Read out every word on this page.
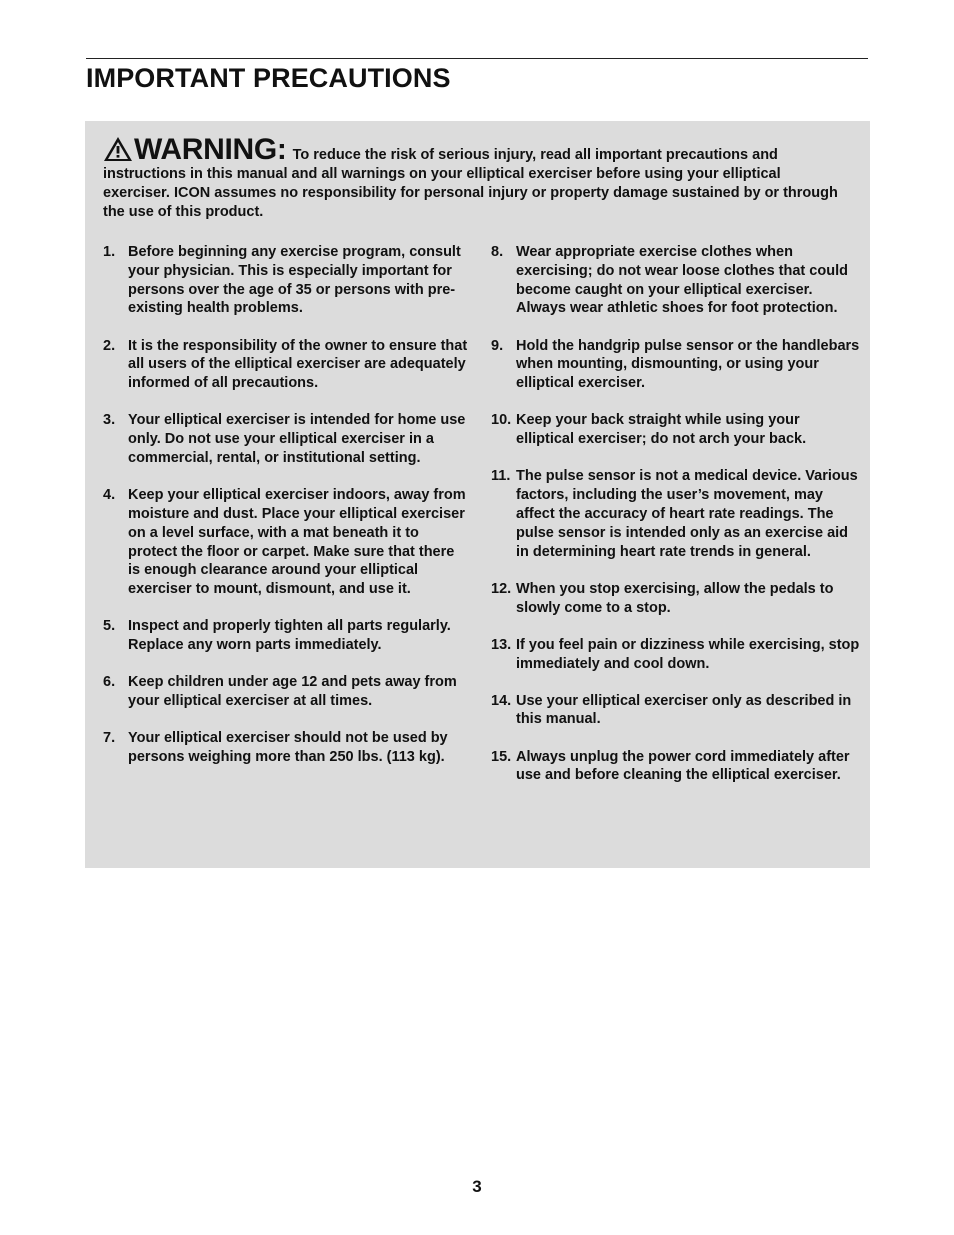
IMPORTANT PRECAUTIONS
WARNING: To reduce the risk of serious injury, read all important precautions and instructions in this manual and all warnings on your elliptical exerciser before using your elliptical exerciser. ICON assumes no responsibility for personal injury or property damage sustained by or through the use of this product.
1. Before beginning any exercise program, consult your physician. This is especially important for persons over the age of 35 or persons with pre-existing health problems.
2. It is the responsibility of the owner to ensure that all users of the elliptical exerciser are adequately informed of all precautions.
3. Your elliptical exerciser is intended for home use only. Do not use your elliptical exerciser in a commercial, rental, or institutional setting.
4. Keep your elliptical exerciser indoors, away from moisture and dust. Place your elliptical exerciser on a level surface, with a mat beneath it to protect the floor or carpet. Make sure that there is enough clearance around your elliptical exerciser to mount, dismount, and use it.
5. Inspect and properly tighten all parts regularly. Replace any worn parts immediately.
6. Keep children under age 12 and pets away from your elliptical exerciser at all times.
7. Your elliptical exerciser should not be used by persons weighing more than 250 lbs. (113 kg).
8. Wear appropriate exercise clothes when exercising; do not wear loose clothes that could become caught on your elliptical exerciser. Always wear athletic shoes for foot protection.
9. Hold the handgrip pulse sensor or the handlebars when mounting, dismounting, or using your elliptical exerciser.
10. Keep your back straight while using your elliptical exerciser; do not arch your back.
11. The pulse sensor is not a medical device. Various factors, including the user’s movement, may affect the accuracy of heart rate readings. The pulse sensor is intended only as an exercise aid in determining heart rate trends in general.
12. When you stop exercising, allow the pedals to slowly come to a stop.
13. If you feel pain or dizziness while exercising, stop immediately and cool down.
14. Use your elliptical exerciser only as described in this manual.
15. Always unplug the power cord immediately after use and before cleaning the elliptical exerciser.
3
